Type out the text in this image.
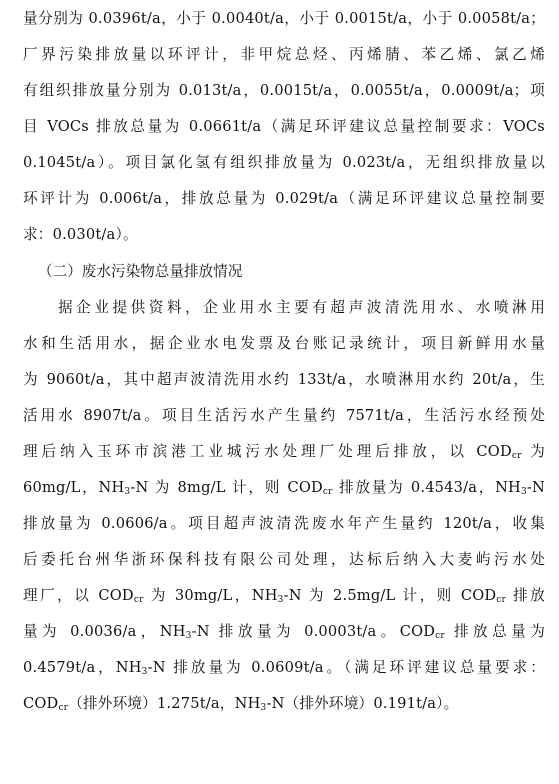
量分别为 0.0396t/a，小于 0.0040t/a，小于 0.0015t/a，小于 0.0058t/a；
厂界污染排放量以环评计，非甲烷总烃、丙烯腈、苯乙烯、氯乙烯
有组织排放量分别为 0.013t/a，0.0015t/a，0.0055t/a，0.0009t/a；项
目 VOCs 排放总量为 0.0661t/a（满足环评建议总量控制要求：VOCs
0.1045t/a）。项目氯化氢有组织排放量为 0.023t/a，无组织排放量以
环评计为 0.006t/a，排放总量为 0.029t/a（满足环评建议总量控制要
求：0.030t/a）。
（二）废水污染物总量排放情况
据企业提供资料，企业用水主要有超声波清洗用水、水喷淋用
水和生活用水，据企业水电发票及台账记录统计，项目新鲜用水量
为 9060t/a，其中超声波清洗用水约 133t/a，水喷淋用水约 20t/a，生
活用水 8907t/a。项目生活污水产生量约 7571t/a，生活污水经预处
理后纳入玉环市滨港工业城污水处理厂处理后排放，以 $COD_{cr}$ 为
60mg/L，$NH_3-N$ 为 8mg/L 计，则 $COD_{cr}$ 排放量为 0.4543/a，$NH_3-N$
排放量为 0.0606/a。项目超声波清洗废水年产生量约 120t/a，收集
后委托台州华浙环保科技有限公司处理，达标后纳入大麦屿污水处
理厂，以 $COD_{cr}$ 为 30mg/L，$NH_3-N$ 为 2.5mg/L 计，则 $COD_{cr}$ 排放
量为 0.0036/a，$NH_3-N$ 排放量为 0.0003t/a。$COD_{cr}$ 排放总量为
0.4579t/a，$NH_3-N$ 排放量为 0.0609t/a。（满足环评建议总量要求：
$COD_{cr}$（排外环境）1.275t/a，$NH_3-N$（排外环境）0.191t/a）。
